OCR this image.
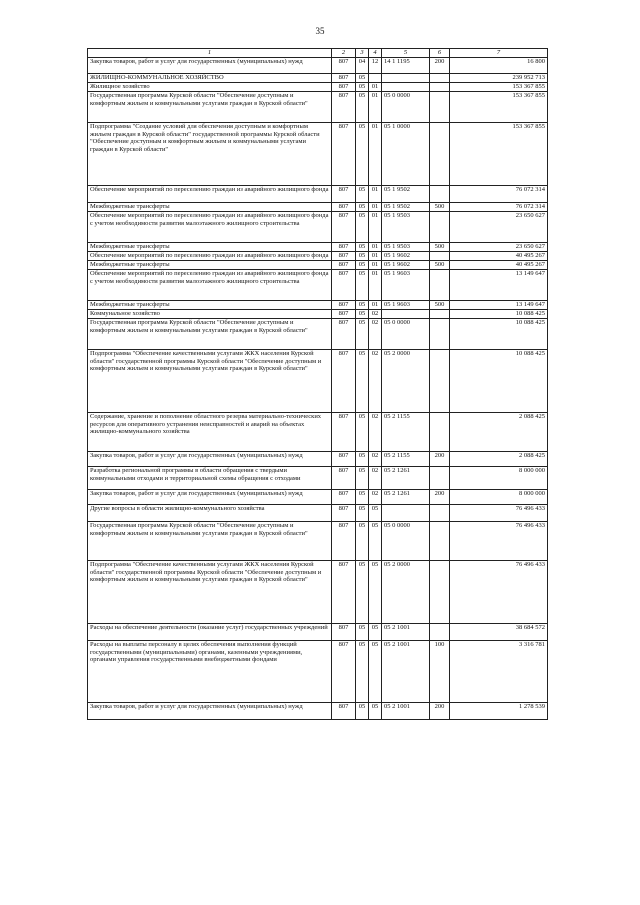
35
1	2	3	4	5	6	7
Закупка товаров, работ и услуг для государственных (муниципальных) нужд	807	04	12	14 1 1195	200	16 800
ЖИЛИЩНО-КОММУНАЛЬНОЕ ХОЗЯЙСТВО	807	05				239 952 713
Жилищное хозяйство	807	05	01			153 367 855
Государственная программа Курской области "Обеспечение доступным и комфортным жильем и коммунальными услугами граждан в Курской области"	807	05	01	05 0 0000		153 367 855
Подпрограмма "Создание условий для обеспечения доступным и комфортным жильем граждан в Курской области" государственной программы Курской области "Обеспечение доступным и комфортным жильем и коммунальными услугами граждан в Курской области"	807	05	01	05 1 0000		153 367 855
Обеспечение мероприятий по переселению граждан из аварийного жилищного фонда	807	05	01	05 1 9502		76 072 314
Межбюджетные трансферты	807	05	01	05 1 9502	500	76 072 314
Обеспечение мероприятий по переселению граждан из аварийного жилищного фонда с учетом необходимости развития малоэтажного жилищного строительства	807	05	01	05 1 9503		23 650 627
Межбюджетные трансферты	807	05	01	05 1 9503	500	23 650 627
Обеспечение мероприятий по переселению граждан из аварийного жилищного фонда	807	05	01	05 1 9602		40 495 267
Межбюджетные трансферты	807	05	01	05 1 9602	500	40 495 267
Обеспечение мероприятий по переселению граждан из аварийного жилищного фонда с учетом необходимости развития малоэтажного жилищного строительства	807	05	01	05 1 9603		13 149 647
Межбюджетные трансферты	807	05	01	05 1 9603	500	13 149 647
Коммунальное хозяйство	807	05	02			10 088 425
Государственная программа Курской области "Обеспечение доступным и комфортным жильем и коммунальными услугами граждан в Курской области"	807	05	02	05 0 0000		10 088 425
Подпрограмма "Обеспечение качественными услугами ЖКХ населения Курской области" государственной программы Курской области "Обеспечение доступным и комфортным жильем и коммунальными услугами граждан в Курской области"	807	05	02	05 2 0000		10 088 425
Содержание, хранение и пополнение областного резерва материально-технических ресурсов для оперативного устранения неисправностей и аварий на объектах жилищно-коммунального хозяйства	807	05	02	05 2 1155		2 088 425
Закупка товаров, работ и услуг для государственных (муниципальных) нужд	807	05	02	05 2 1155	200	2 088 425
Разработка региональной программы в области обращения с твердыми коммунальными отходами и территориальной схемы обращения с отходами	807	05	02	05 2 1261		8 000 000
Закупка товаров, работ и услуг для государственных (муниципальных) нужд	807	05	02	05 2 1261	200	8 000 000
Другие вопросы в области жилищно-коммунального хозяйства	807	05	05			76 496 433
Государственная программа Курской области "Обеспечение доступным и комфортным жильем и коммунальными услугами граждан в Курской области"	807	05	05	05 0 0000		76 496 433
Подпрограмма "Обеспечение качественными услугами ЖКХ населения Курской области" государственной программы Курской области "Обеспечение доступным и комфортным жильем и коммунальными услугами граждан в Курской области"	807	05	05	05 2 0000		76 496 433
Расходы на обеспечение деятельности (оказание услуг) государственных учреждений	807	05	05	05 2 1001		38 684 572
Расходы на выплаты персоналу в целях обеспечения выполнения функций государственными (муниципальными) органами, казенными учреждениями, органами управления государственными внебюджетными фондами	807	05	05	05 2 1001	100	3 316 781
Закупка товаров, работ и услуг для государственных (муниципальных) нужд	807	05	05	05 2 1001	200	1 278 539
